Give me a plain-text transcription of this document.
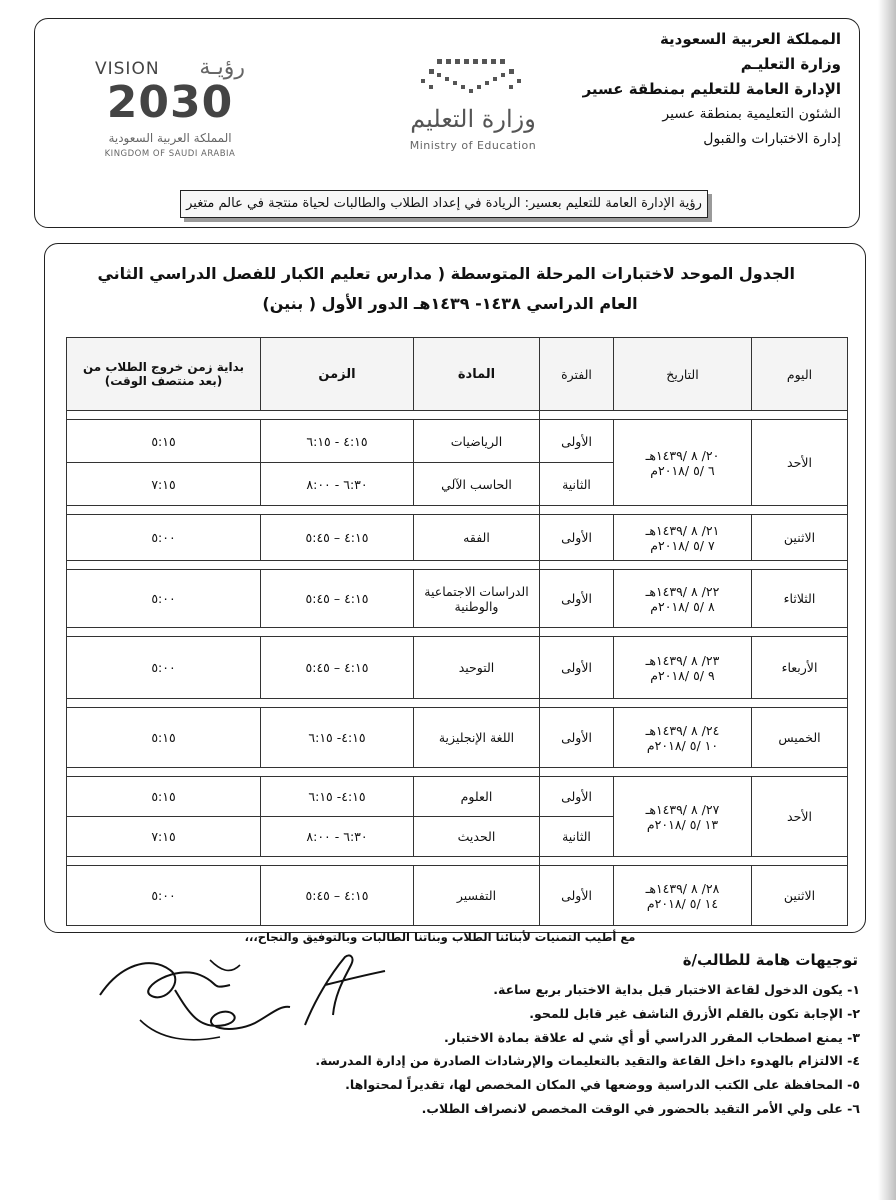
المملكة العربية السعودية
وزارة التعليـم
الإدارة العامة للتعليم بمنطقة عسير
الشئون التعليمية بمنطقة عسير
إدارة الاختبارات والقبول
وزارة التعليم
Ministry of Education
VISION رؤيـة
2030
المملكة العربية السعودية
KINGDOM OF SAUDI ARABIA
رؤية الإدارة العامة للتعليم بعسير: الريادة في إعداد الطلاب والطالبات لحياة منتجة في عالم متغير
الجدول الموحد لاختبارات المرحلة المتوسطة ( مدارس تعليم الكبار للفصل الدراسي الثاني
العام الدراسي ١٤٣٨- ١٤٣٩هـ الدور الأول ( بنين)
اليوم	التاريخ	الفترة	المادة	الزمن	بداية زمن خروج الطلاب من
(بعد منتصف الوقت)

الأحد	٢٠/ ٨ /١٤٣٩هـ
٦ /٥ /٢٠١٨م	الأولى	الرياضيات	٤:١٥ - ٦:١٥	٥:١٥
		الثانية	الحاسب الآلي	٦:٣٠ - ٨:٠٠	٧:١٥

الاثنين	٢١/ ٨ /١٤٣٩هـ
٧ /٥ /٢٠١٨م	الأولى	الفقه	٤:١٥ – ٥:٤٥	٥:٠٠

الثلاثاء	٢٢/ ٨ /١٤٣٩هـ
٨ /٥ /٢٠١٨م	الأولى	الدراسات الاجتماعية والوطنية	٤:١٥ – ٥:٤٥	٥:٠٠

الأربعاء	٢٣/ ٨ /١٤٣٩هـ
٩ /٥ /٢٠١٨م	الأولى	التوحيد	٤:١٥ – ٥:٤٥	٥:٠٠

الخميس	٢٤/ ٨ /١٤٣٩هـ
١٠ /٥ /٢٠١٨م	الأولى	اللغة الإنجليزية	٤:١٥- ٦:١٥	٥:١٥

الأحد	٢٧/ ٨ /١٤٣٩هـ
١٣ /٥ /٢٠١٨م	الأولى	العلوم	٤:١٥- ٦:١٥	٥:١٥
		الثانية	الحديث	٦:٣٠ - ٨:٠٠	٧:١٥

الاثنين	٢٨/ ٨ /١٤٣٩هـ
١٤ /٥ /٢٠١٨م	الأولى	التفسير	٤:١٥ – ٥:٤٥	٥:٠٠
مع أطيب التمنيات لأبنائنا الطلاب وبناتنا الطالبات وبالتوفيق والنجاح،،،
توجيهات هامة للطالب/ة
١- يكون الدخول لقاعة الاختبار قبل بداية الاختبار بربع ساعة.
٢- الإجابة تكون بالقلم الأزرق الناشف غير قابل للمحو.
٣- يمنع اصطحاب المقرر الدراسي أو أي شي له علاقة بمادة الاختبار.
٤- الالتزام بالهدوء داخل القاعة والتقيد بالتعليمات والإرشادات الصادرة من إدارة المدرسة.
٥- المحافظة على الكتب الدراسية ووضعها في المكان المخصص لها، تقديراً لمحتواها.
٦- على ولي الأمر التقيد بالحضور في الوقت المخصص لانصراف الطلاب.
